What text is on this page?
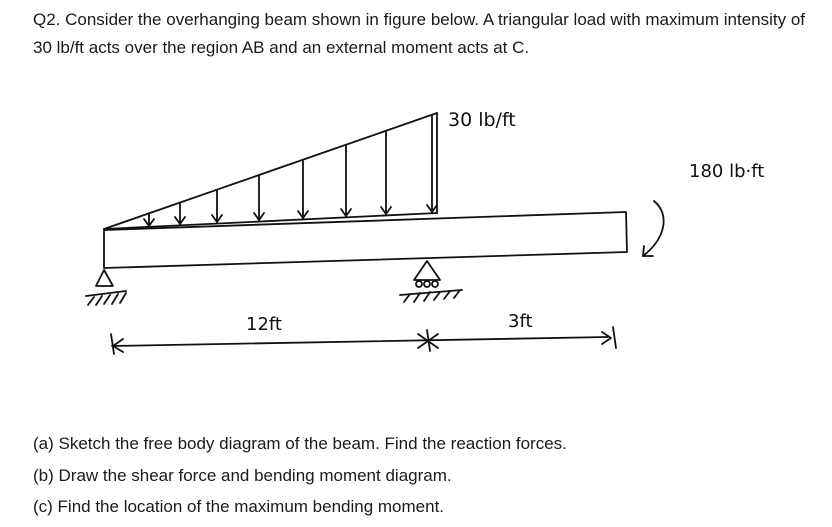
Q2. Consider the overhanging beam shown in figure below. A triangular load with maximum intensity of 30 lb/ft acts over the region AB and an external moment acts at C.

30 lb/ft
180 lb·ft
12ft	3ft

(a) Sketch the free body diagram of the beam. Find the reaction forces.

(b) Draw the shear force and bending moment diagram.

(c) Find the location of the maximum bending moment.
